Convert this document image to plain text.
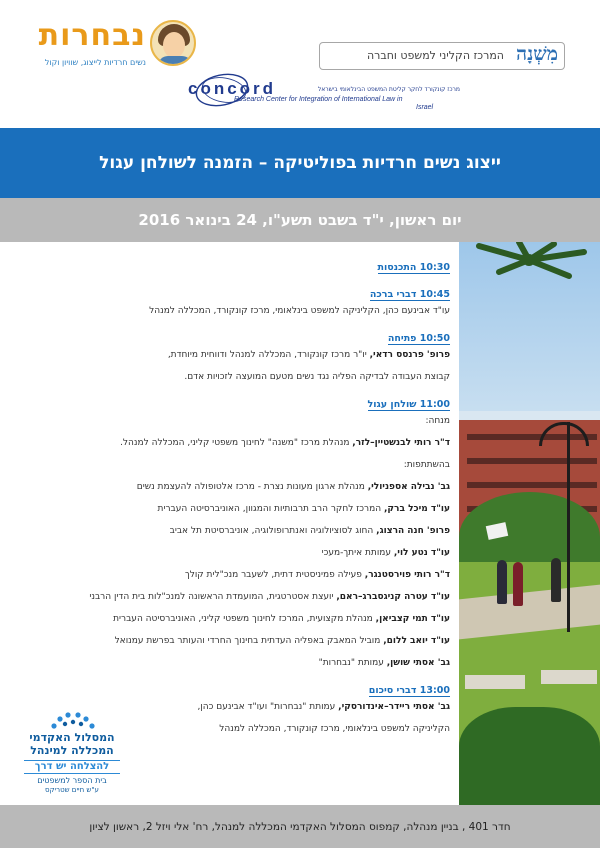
נבחרות
נשים חרדיות לייצוג, שוויון וקול	מִשְׁנָה
המרכז הקליני למשפט וחברה
concord	מרכז קונקורד לחקר קליטת המשפט הבינלאומי בישראל
Research Center for Integration of International Law in
Israel
ייצוג נשים חרדיות בפוליטיקה – הזמנה לשולחן עגול
יום ראשון, י"ד בשבט תשע"ו, 24 בינואר 2016
10:30 התכנסות
10:45 דברי ברכה
עו"ד אבינעם כהן, הקליניקה למשפט בינלאומי, מרכז קונקורד, המכללה למנהל
10:50 פתיחה
פרופ' פרנסס רדאי, יו"ר מרכז קונקורד, המכללה למנהל ודווחית מיוחדת,
קבוצת העבודה לבדיקה הפליה נגד נשים מטעם המועצה לזכויות אדם.
11:00 שולחן עגול
מנחה:
ד"ר רותי לבנשטיין–לזר, מנהלת מרכז "משנה" לחינוך משפטי קליני, המכללה למנהל.
בהשתתפות:
גב' נבילה אספניולי, מנהלת ארגון מעונות נצרת - מרכז אלטופולה להעצמת נשים
עו"ד מיכל ברק, המרכז לחקר הרב תרבותיות והמגוון, האוניברסיטה העברית
פרופ' חנה הרצוג, החוג לסוציולוגיה ואנתרופולוגיה, אוניברסיטת תל אביב
עו"ד נטע לוי, עמותת איתך-מעכי
ד"ר רותי פוירסטנגר, פעילה פמיניסטית דתית, לשעבר מנכ"לית קולך
עו"ד עטרה קניגסברג–ראם, יועצת אסטרטגית, המועמדת הראשונה למנכ"לות בית הדין הרבני
עו"ד תמי קצביאן, מנהלת מקצועית, המרכז לחינוך משפטי קליני, האוניברסיטה העברית
עו"ד יואב ללום, מוביל המאבק באפליה העדתית בחינוך החרדי והעותר בפרשת עמנואל
גב' אסתי שושן, עמותת "נבחרות"
13:00 דברי סיכום
גב' אסתי ריידר–אינדורסקי, עמותת "נבחרות" ועו"ד אבינעם כהן,
הקליניקה למשפט בינלאומי, מרכז קונקורד, המכללה למנהל
המסלול האקדמי
המכללה למינהל
להצלחה יש דרך
בית הספר למשפטים
ע"ש חיים שטריקס

חדר 401 , בניין מנהלה, קמפוס המסלול האקדמי המכללה למנהל, רח' אלי ויזל 2, ראשון לציון
